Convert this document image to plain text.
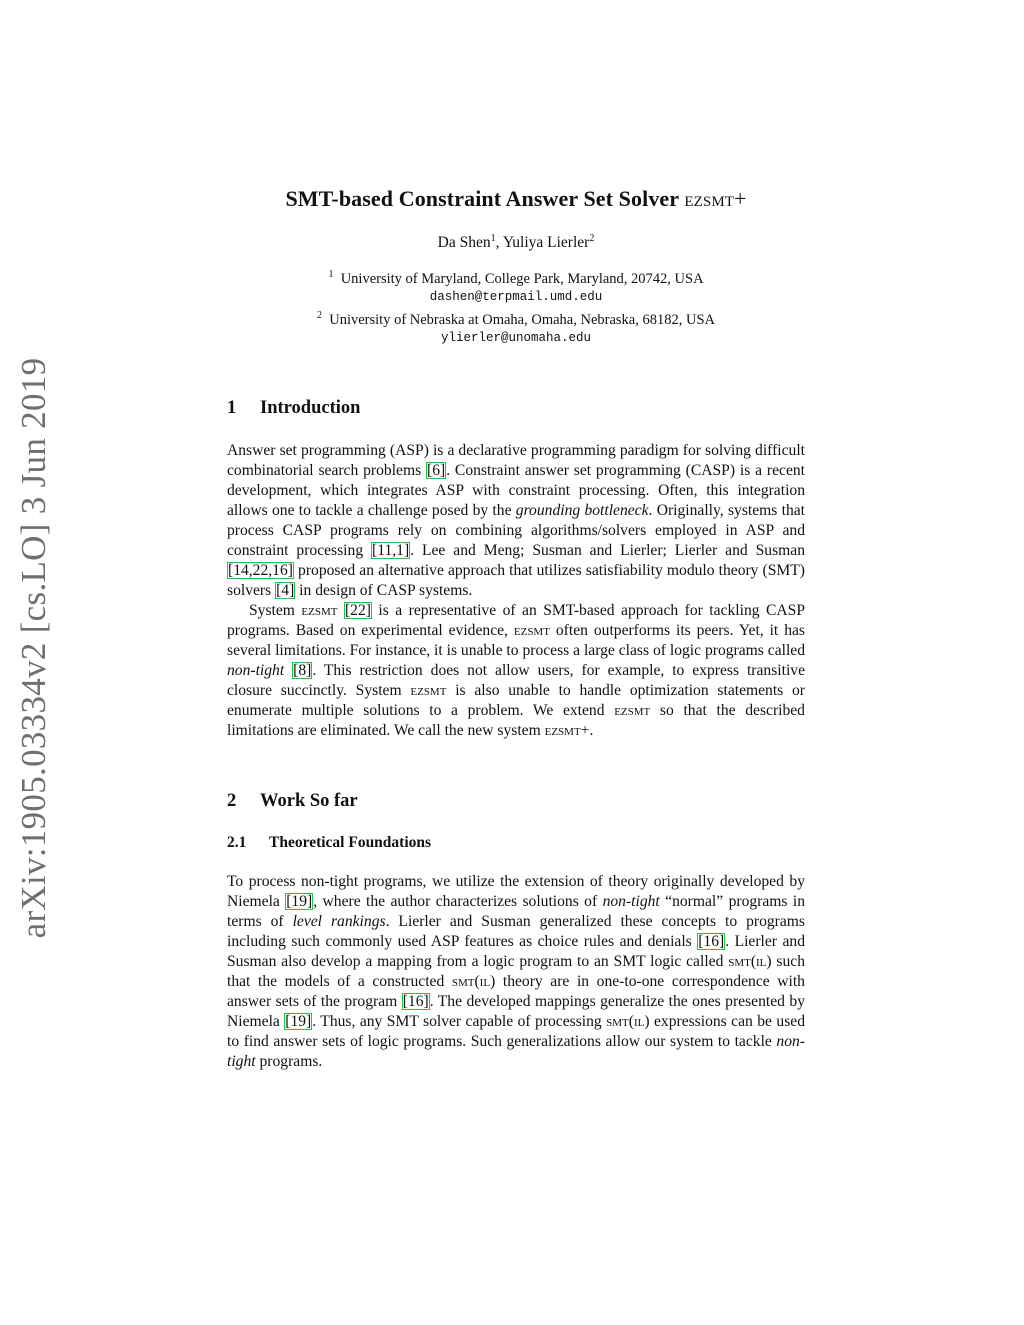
arXiv:1905.03334v2 [cs.LO] 3 Jun 2019
SMT-based Constraint Answer Set Solver ezsmt+
Da Shen$^1$, Yuliya Lierler$^2$
$^1$ University of Maryland, College Park, Maryland, 20742, USA
dashen@terpmail.umd.edu
$^2$ University of Nebraska at Omaha, Omaha, Nebraska, 68182, USA
ylierler@unomaha.edu
1 Introduction

Answer set programming (ASP) is a declarative programming paradigm for solving difficult combinatorial search problems [6]. Constraint answer set programming (CASP) is a recent development, which integrates ASP with constraint processing. Often, this integration allows one to tackle a challenge posed by the grounding bottleneck. Originally, systems that process CASP programs rely on combining algorithms/solvers employed in ASP and constraint processing [11,1]. Lee and Meng; Susman and Lierler; Lierler and Susman [14,22,16] proposed an alternative approach that utilizes satisfiability modulo theory (SMT) solvers [4] in design of CASP systems.

System ezsmt [22] is a representative of an SMT-based approach for tackling CASP programs. Based on experimental evidence, ezsmt often outperforms its peers. Yet, it has several limitations. For instance, it is unable to process a large class of logic programs called non-tight [8]. This restriction does not allow users, for example, to express transitive closure succinctly. System ezsmt is also unable to handle optimization statements or enumerate multiple solutions to a problem. We extend ezsmt so that the described limitations are eliminated. We call the new system ezsmt+.

2 Work So far
2.1 Theoretical Foundations

To process non-tight programs, we utilize the extension of theory originally developed by Niemela [19], where the author characterizes solutions of non-tight “normal” programs in terms of level rankings. Lierler and Susman generalized these concepts to programs including such commonly used ASP features as choice rules and denials [16]. Lierler and Susman also develop a mapping from a logic program to an SMT logic called smt(il) such that the models of a constructed smt(il) theory are in one-to-one correspondence with answer sets of the program [16]. The developed mappings generalize the ones presented by Niemela [19]. Thus, any SMT solver capable of processing smt(il) expressions can be used to find answer sets of logic programs. Such generalizations allow our system to tackle non-tight programs.
